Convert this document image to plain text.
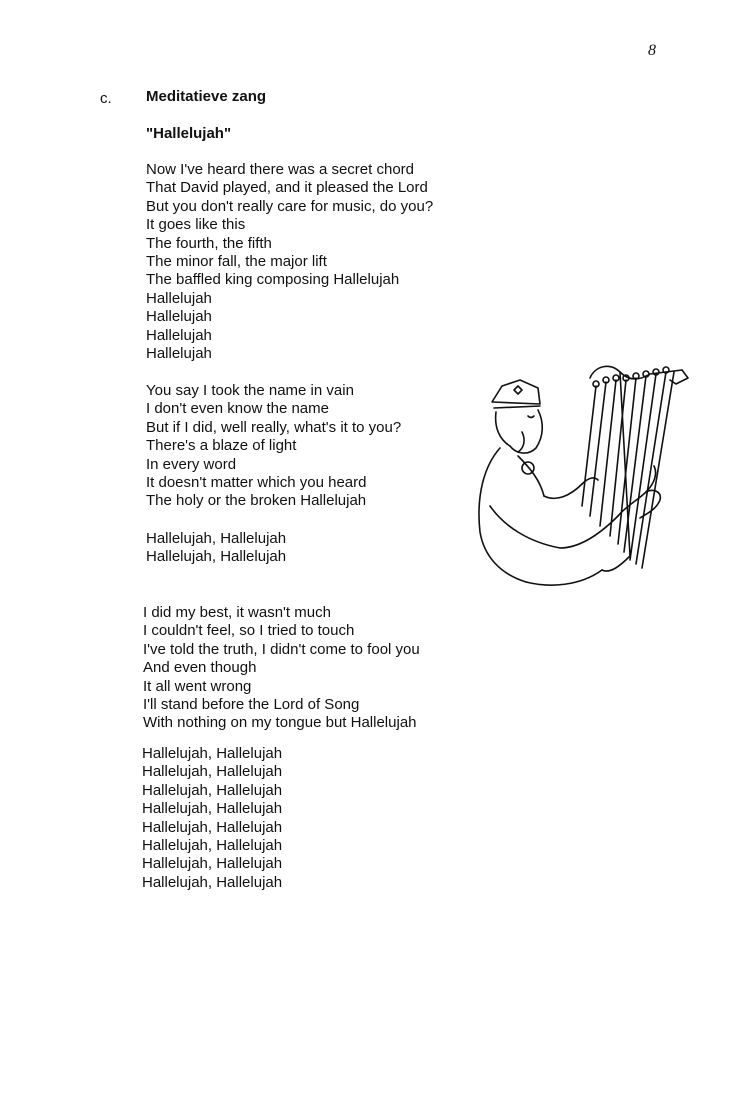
8
c. Meditatieve zang
"Hallelujah"
Now I've heard there was a secret chord
That David played, and it pleased the Lord
But you don't really care for music, do you?
It goes like this
The fourth, the fifth
The minor fall, the major lift
The baffled king composing Hallelujah
Hallelujah
Hallelujah
Hallelujah
Hallelujah
You say I took the name in vain
I don't even know the name
But if I did, well really, what's it to you?
There's a blaze of light
In every word
It doesn't matter which you heard
The holy or the broken Hallelujah
Hallelujah, Hallelujah
Hallelujah, Hallelujah
I did my best, it wasn't much
I couldn't feel, so I tried to touch
I've told the truth, I didn't come to fool you
And even though
It all went wrong
I'll stand before the Lord of Song
With nothing on my tongue but Hallelujah
Hallelujah, Hallelujah
Hallelujah, Hallelujah
Hallelujah, Hallelujah
Hallelujah, Hallelujah
Hallelujah, Hallelujah
Hallelujah, Hallelujah
Hallelujah, Hallelujah
Hallelujah, Hallelujah
